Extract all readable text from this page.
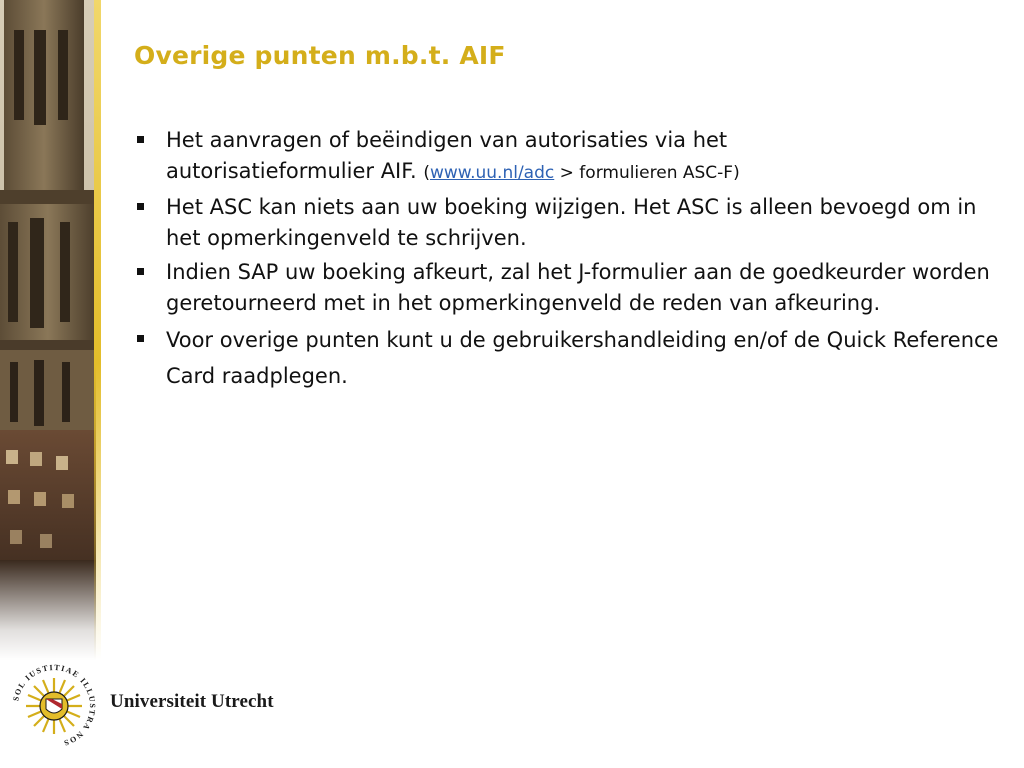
Overige punten m.b.t. AIF
Het aanvragen of beëindigen van autorisaties via het
autorisatieformulier AIF. (www.uu.nl/adc > formulieren ASC-F)
Het ASC kan niets aan uw boeking wijzigen. Het ASC is alleen bevoegd om in het opmerkingenveld te schrijven.
Indien SAP uw boeking afkeurt, zal het J-formulier aan de goedkeurder worden geretourneerd met in het opmerkingenveld de reden van afkeuring.
Voor overige punten kunt u de gebruikershandleiding en/of de Quick Reference Card raadplegen.
SOL IUSTITIAE ILLUSTRA NOS

Universiteit Utrecht
